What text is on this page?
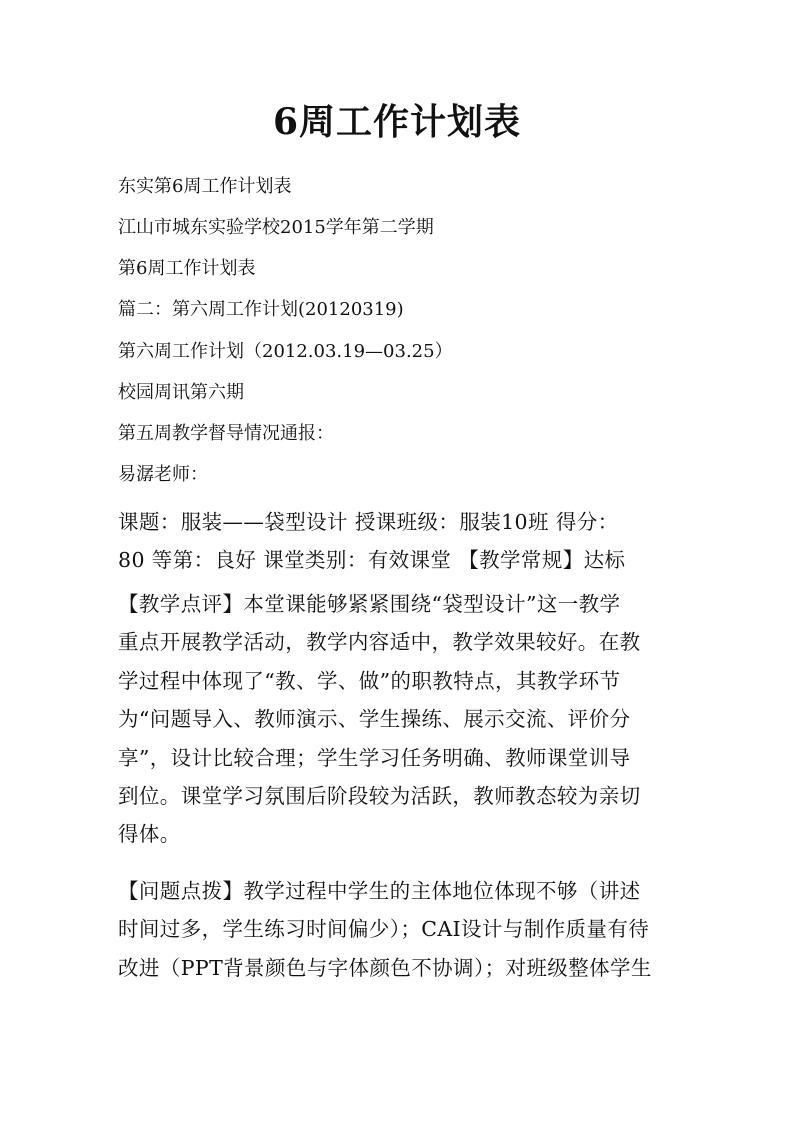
6周工作计划表
东实第6周工作计划表
江山市城东实验学校2015学年第二学期
第6周工作计划表
篇二：第六周工作计划(20120319)
第六周工作计划（2012.03.19—03.25）
校园周讯第六期
第五周教学督导情况通报：
易潺老师：
课题：服装——袋型设计 授课班级：服装10班 得分：
80 等第：良好 课堂类别：有效课堂 【教学常规】达标
【教学点评】本堂课能够紧紧围绕“袋型设计”这一教学
重点开展教学活动，教学内容适中，教学效果较好。在教
学过程中体现了“教、学、做”的职教特点，其教学环节
为“问题导入、教师演示、学生操练、展示交流、评价分
享”，设计比较合理；学生学习任务明确、教师课堂训导
到位。课堂学习氛围后阶段较为活跃，教师教态较为亲切
得体。
【问题点拨】教学过程中学生的主体地位体现不够（讲述
时间过多，学生练习时间偏少）；CAI设计与制作质量有待
改进（PPT背景颜色与字体颜色不协调）；对班级整体学生
